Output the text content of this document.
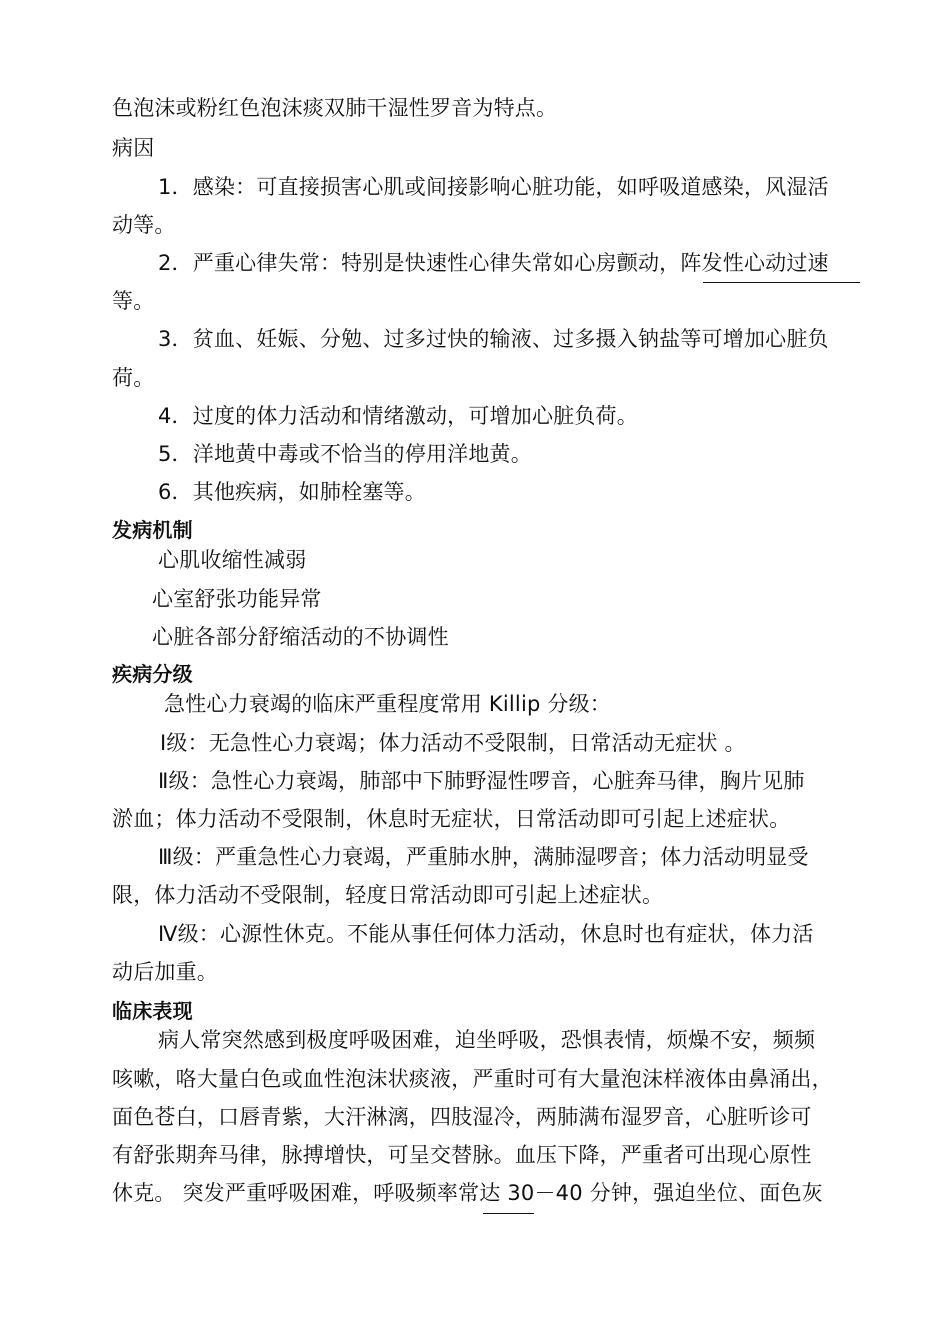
色泡沫或粉红色泡沫痰双肺干湿性罗音为特点。
病因
1．感染：可直接损害心肌或间接影响心脏功能，如呼吸道感染，风湿活
动等。
2．严重心律失常：特别是快速性心律失常如心房颤动，阵发性心动过速
等。
3．贫血、妊娠、分勉、过多过快的输液、过多摄入钠盐等可增加心脏负
荷。
4．过度的体力活动和情绪激动，可增加心脏负荷。
5．洋地黄中毒或不恰当的停用洋地黄。
6．其他疾病，如肺栓塞等。
发病机制
心肌收缩性减弱
心室舒张功能异常
心脏各部分舒缩活动的不协调性
疾病分级
急性心力衰竭的临床严重程度常用 Killip 分级：
Ⅰ级：无急性心力衰竭；体力活动不受限制，日常活动无症状 。
Ⅱ级：急性心力衰竭，肺部中下肺野湿性啰音，心脏奔马律，胸片见肺
淤血；体力活动不受限制，休息时无症状，日常活动即可引起上述症状。
Ⅲ级：严重急性心力衰竭，严重肺水肿，满肺湿啰音；体力活动明显受
限，体力活动不受限制，轻度日常活动即可引起上述症状。
Ⅳ级：心源性休克。不能从事任何体力活动，休息时也有症状，体力活
动后加重。
临床表现
病人常突然感到极度呼吸困难，迫坐呼吸，恐惧表情，烦燥不安，频频
咳嗽，咯大量白色或血性泡沫状痰液，严重时可有大量泡沫样液体由鼻涌出，
面色苍白，口唇青紫，大汗淋漓，四肢湿冷，两肺满布湿罗音，心脏听诊可
有舒张期奔马律，脉搏增快，可呈交替脉。血压下降，严重者可出现心原性
休克。 突发严重呼吸困难，呼吸频率常达 30－40 分钟，强迫坐位、面色灰
